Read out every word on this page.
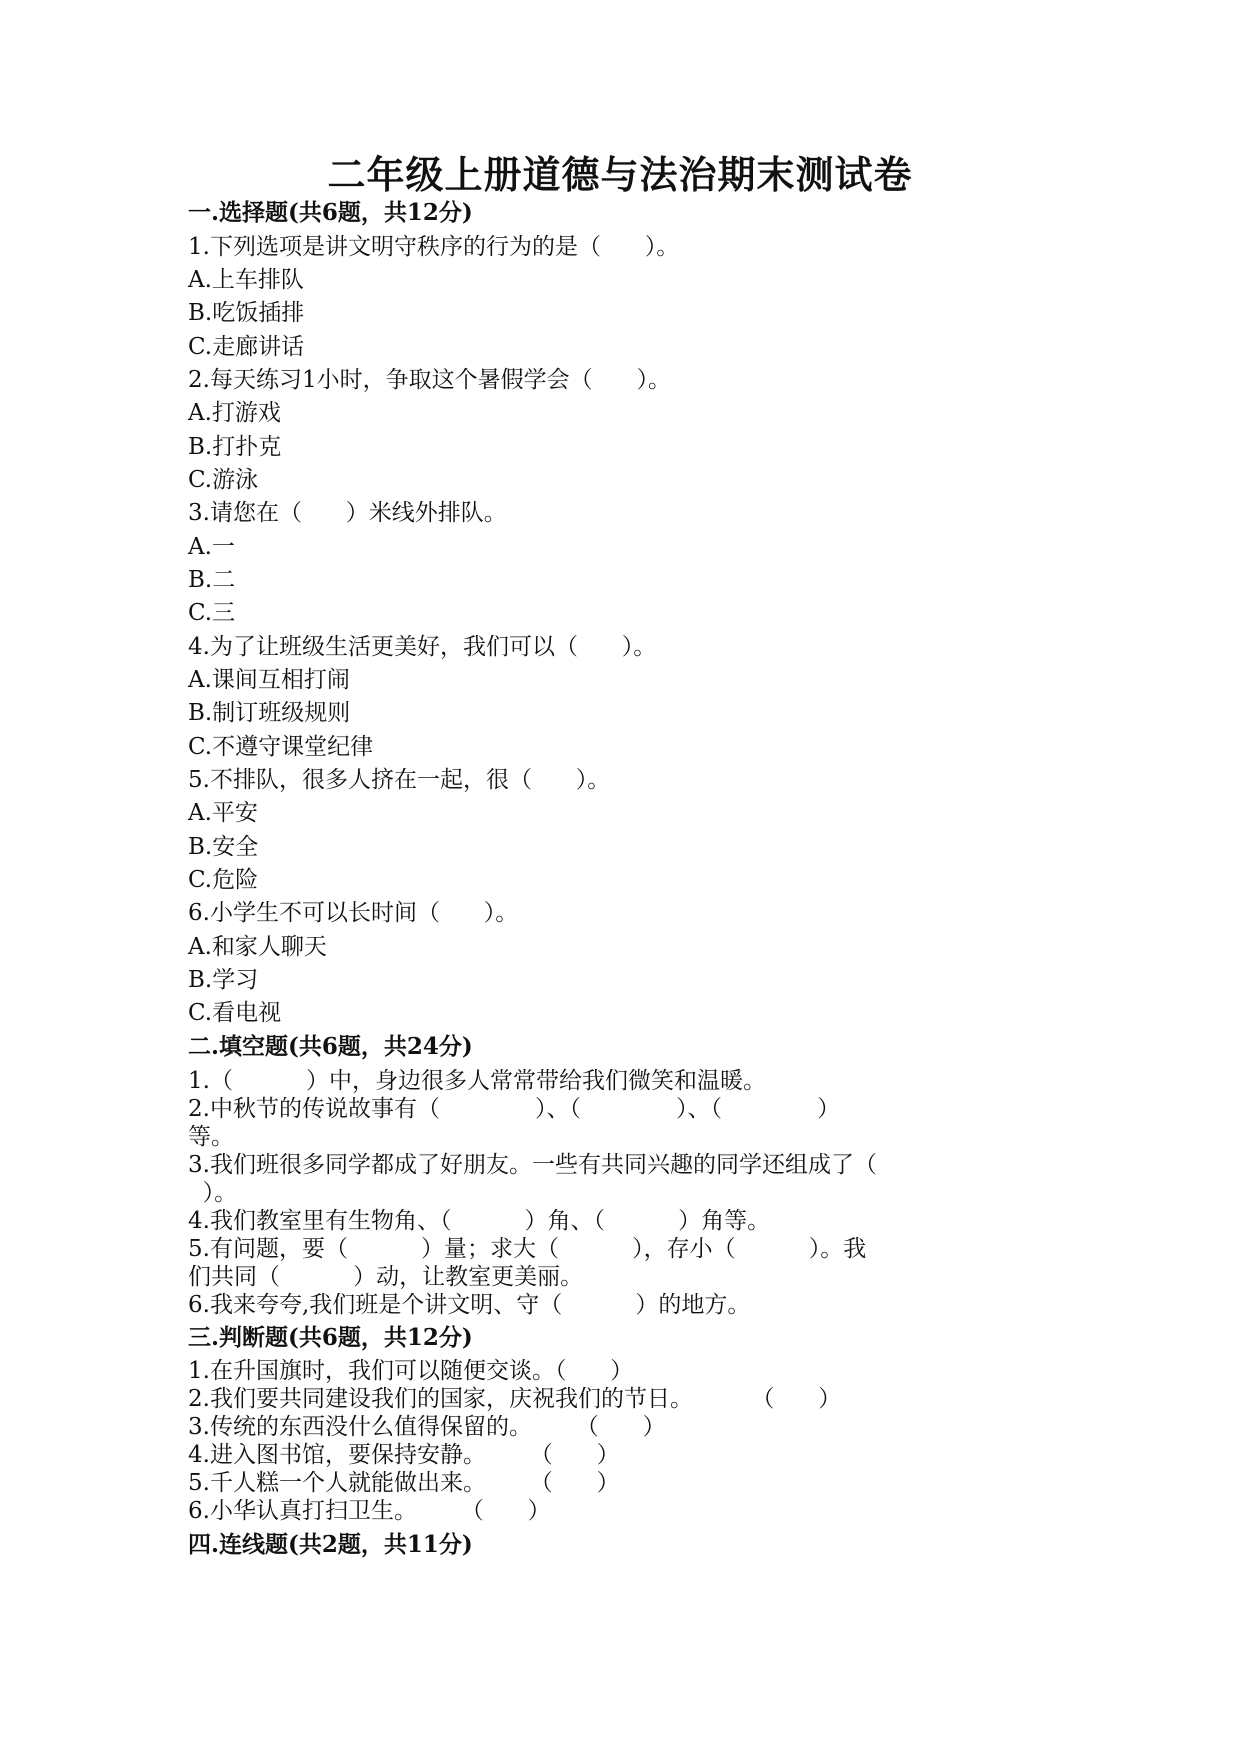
二年级上册道德与法治期末测试卷
一.选择题(共6题，共12分)
1.下列选项是讲文明守秩序的行为的是（      ）。
A.上车排队
B.吃饭插排
C.走廊讲话
2.每天练习1小时，争取这个暑假学会（      ）。
A.打游戏
B.打扑克
C.游泳
3.请您在（      ）米线外排队。
A.一
B.二
C.三
4.为了让班级生活更美好，我们可以（      ）。
A.课间互相打闹
B.制订班级规则
C.不遵守课堂纪律
5.不排队，很多人挤在一起，很（      ）。
A.平安
B.安全
C.危险
6.小学生不可以长时间（      ）。
A.和家人聊天
B.学习
C.看电视
二.填空题(共6题，共24分)
1.（          ）中，身边很多人常常带给我们微笑和温暖。
2.中秋节的传说故事有（             ）、（             ）、（             ）
等。
3.我们班很多同学都成了好朋友。一些有共同兴趣的同学还组成了（
）。
4.我们教室里有生物角、（          ）角、（          ）角等。
5.有问题，要（          ）量；求大（          ），存小（          ）。我
们共同（          ）动，让教室更美丽。
6.我来夸夸,我们班是个讲文明、守（          ）的地方。
三.判断题(共6题，共12分)
1.在升国旗时，我们可以随便交谈。（      ）
2.我们要共同建设我们的国家，庆祝我们的节日。        （      ）
3.传统的东西没什么值得保留的。      （      ）
4.进入图书馆，要保持安静。      （      ）
5.千人糕一个人就能做出来。      （      ）
6.小华认真打扫卫生。      （      ）
四.连线题(共2题，共11分)
